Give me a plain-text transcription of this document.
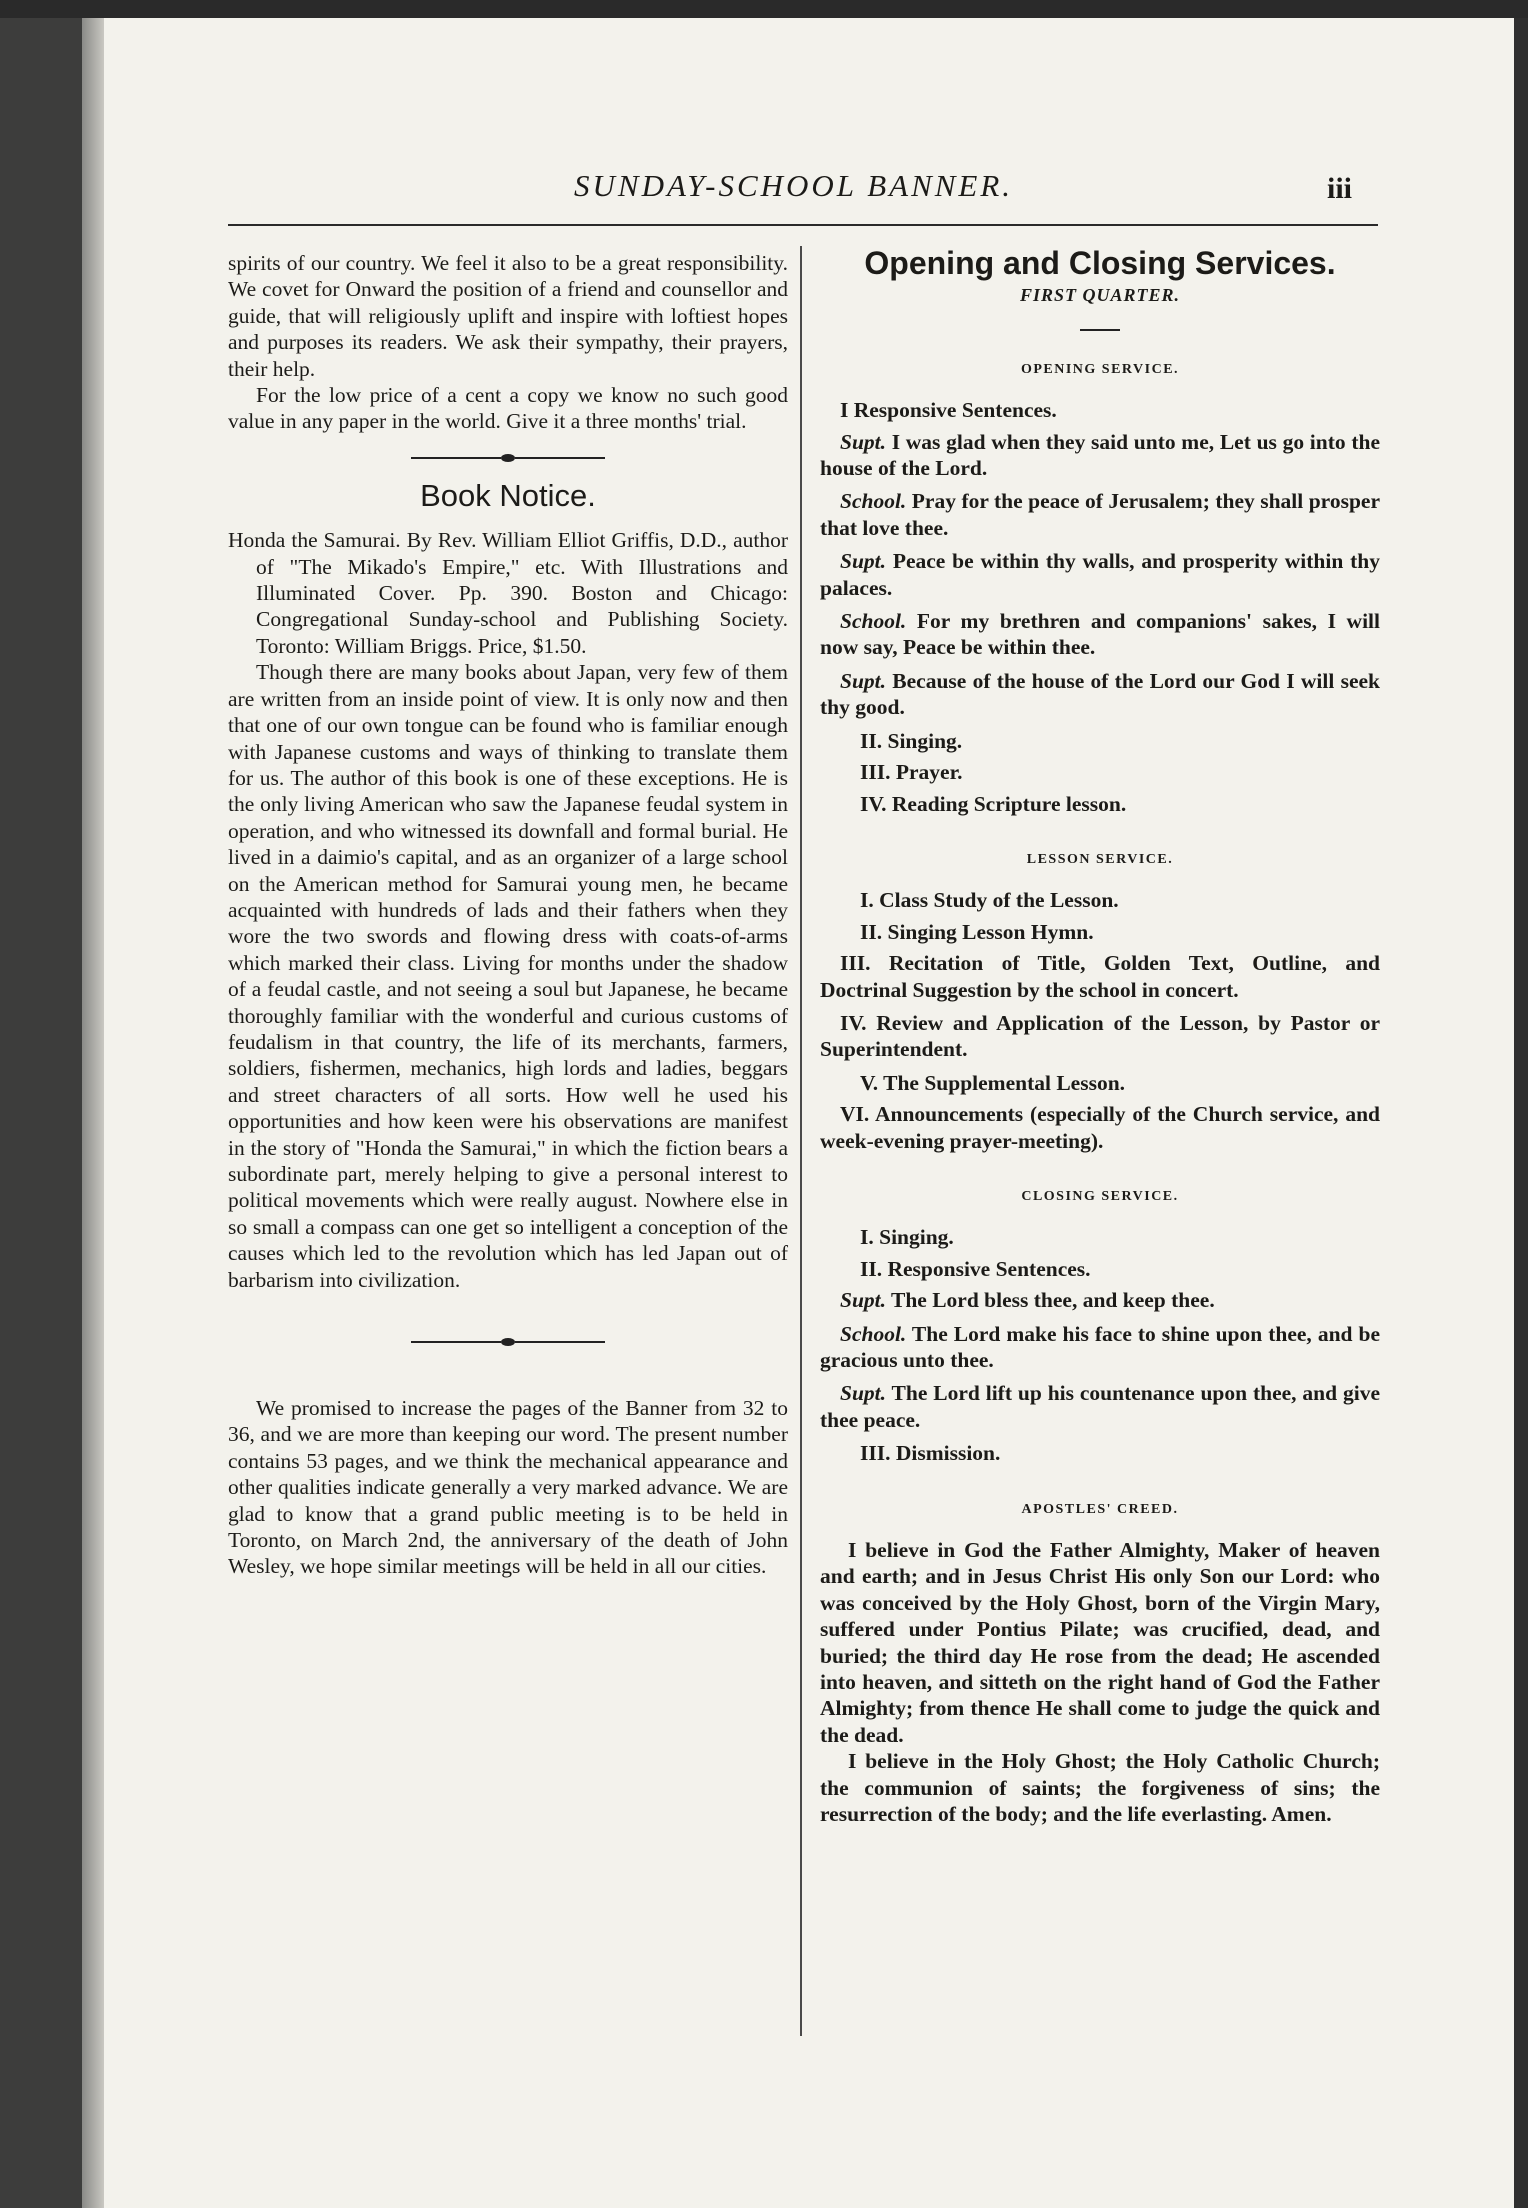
SUNDAY-SCHOOL BANNER.	iii

spirits of our country. We feel it also to be a great responsibility. We covet for Onward the position of a friend and counsellor and guide, that will religiously uplift and inspire with loftiest hopes and purposes its readers. We ask their sympathy, their prayers, their help.

For the low price of a cent a copy we know no such good value in any paper in the world. Give it a three months' trial.

Book Notice.

Honda the Samurai. By Rev. William Elliot Griffis, D.D., author of "The Mikado's Empire," etc. With Illustrations and Illuminated Cover. Pp. 390. Boston and Chicago: Congregational Sunday-school and Publishing Society. Toronto: William Briggs. Price, $1.50.

Though there are many books about Japan, very few of them are written from an inside point of view. It is only now and then that one of our own tongue can be found who is familiar enough with Japanese customs and ways of thinking to translate them for us. The author of this book is one of these exceptions. He is the only living American who saw the Japanese feudal system in operation, and who witnessed its downfall and formal burial. He lived in a daimio's capital, and as an organizer of a large school on the American method for Samurai young men, he became acquainted with hundreds of lads and their fathers when they wore the two swords and flowing dress with coats-of-arms which marked their class. Living for months under the shadow of a feudal castle, and not seeing a soul but Japanese, he became thoroughly familiar with the wonderful and curious customs of feudalism in that country, the life of its merchants, farmers, soldiers, fishermen, mechanics, high lords and ladies, beggars and street characters of all sorts. How well he used his opportunities and how keen were his observations are manifest in the story of "Honda the Samurai," in which the fiction bears a subordinate part, merely helping to give a personal interest to political movements which were really august. Nowhere else in so small a compass can one get so intelligent a conception of the causes which led to the revolution which has led Japan out of barbarism into civilization.

We promised to increase the pages of the Banner from 32 to 36, and we are more than keeping our word. The present number contains 53 pages, and we think the mechanical appearance and other qualities indicate generally a very marked advance. We are glad to know that a grand public meeting is to be held in Toronto, on March 2nd, the anniversary of the death of John Wesley, we hope similar meetings will be held in all our cities.

Opening and Closing Services.
FIRST QUARTER.
OPENING SERVICE.

I Responsive Sentences.

Supt. I was glad when they said unto me, Let us go into the house of the Lord.

School. Pray for the peace of Jerusalem; they shall prosper that love thee.

Supt. Peace be within thy walls, and prosperity within thy palaces.

School. For my brethren and companions' sakes, I will now say, Peace be within thee.

Supt. Because of the house of the Lord our God I will seek thy good.

II. Singing.

III. Prayer.

IV. Reading Scripture lesson.

LESSON SERVICE.

I. Class Study of the Lesson.

II. Singing Lesson Hymn.

III. Recitation of Title, Golden Text, Outline, and Doctrinal Suggestion by the school in concert.

IV. Review and Application of the Lesson, by Pastor or Superintendent.

V. The Supplemental Lesson.

VI. Announcements (especially of the Church service, and week-evening prayer-meeting).

CLOSING SERVICE.

I. Singing.

II. Responsive Sentences.

Supt. The Lord bless thee, and keep thee.

School. The Lord make his face to shine upon thee, and be gracious unto thee.

Supt. The Lord lift up his countenance upon thee, and give thee peace.

III. Dismission.

APOSTLES' CREED.

I believe in God the Father Almighty, Maker of heaven and earth; and in Jesus Christ His only Son our Lord: who was conceived by the Holy Ghost, born of the Virgin Mary, suffered under Pontius Pilate; was crucified, dead, and buried; the third day He rose from the dead; He ascended into heaven, and sitteth on the right hand of God the Father Almighty; from thence He shall come to judge the quick and the dead.

I believe in the Holy Ghost; the Holy Catholic Church; the communion of saints; the forgiveness of sins; the resurrection of the body; and the life everlasting. Amen.
